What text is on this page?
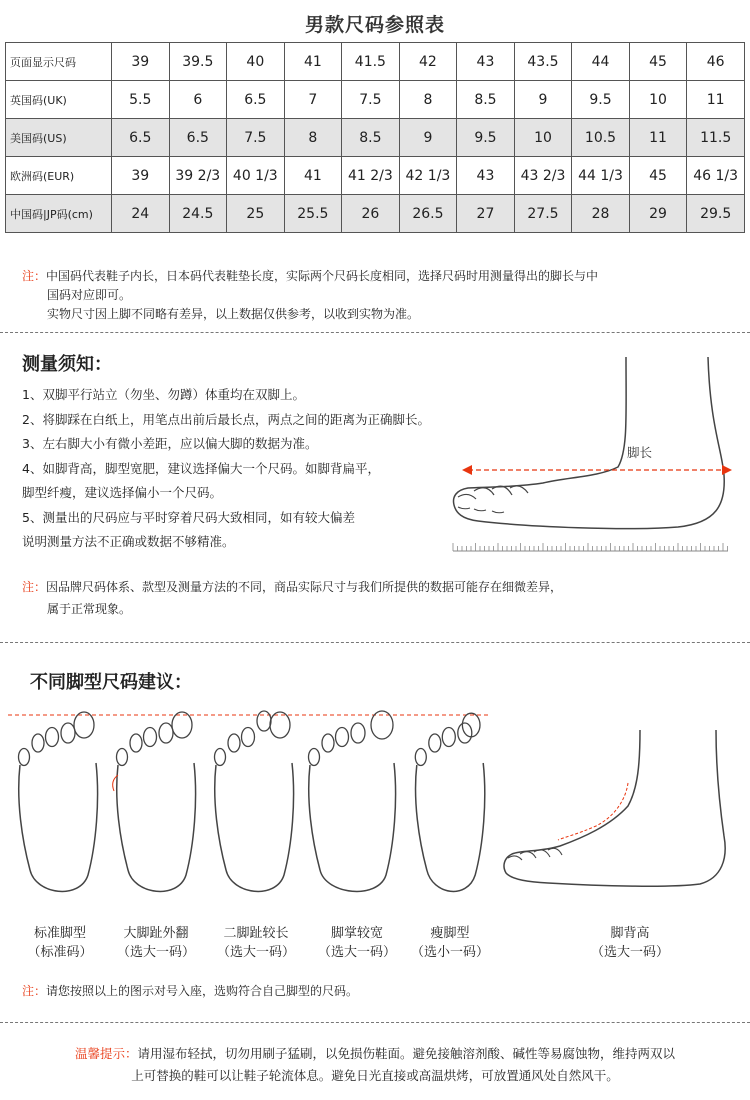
男款尺码参照表
页面显示尺码	39	39.5	40	41	41.5	42	43	43.5	44	45	46
英国码(UK)	5.5	6	6.5	7	7.5	8	8.5	9	9.5	10	11
美国码(US)	6.5	6.5	7.5	8	8.5	9	9.5	10	10.5	11	11.5
欧洲码(EUR)	39	39 2/3	40 1/3	41	41 2/3	42 1/3	43	43 2/3	44 1/3	45	46 1/3
中国码|JP码(cm)	24	24.5	25	25.5	26	26.5	27	27.5	28	29	29.5
注：中国码代表鞋子内长，日本码代表鞋垫长度，实际两个尺码长度相同，选择尺码时用测量得出的脚长与中
国码对应即可。
实物尺寸因上脚不同略有差异，以上数据仅供参考，以收到实物为准。
测量须知：
1、双脚平行站立（勿坐、勿蹲）体重均在双脚上。
2、将脚踩在白纸上，用笔点出前后最长点，两点之间的距离为正确脚长。
3、左右脚大小有微小差距，应以偏大脚的数据为准。
4、如脚背高，脚型宽肥，建议选择偏大一个尺码。如脚背扁平，
脚型纤瘦，建议选择偏小一个尺码。
5、测量出的尺码应与平时穿着尺码大致相同，如有较大偏差
说明测量方法不正确或数据不够精准。
脚长
注：因品牌尺码体系、款型及测量方法的不同，商品实际尺寸与我们所提供的数据可能存在细微差异，
属于正常现象。
不同脚型尺码建议：
标准脚型
（标准码）
大脚趾外翻
（选大一码）
二脚趾较长
（选大一码）
脚掌较宽
（选大一码）
瘦脚型
（选小一码）
脚背高
（选大一码）
注：请您按照以上的图示对号入座，选购符合自己脚型的尺码。
温馨提示：请用湿布轻拭，切勿用刷子猛刷，以免损伤鞋面。避免接触溶剂酸、碱性等易腐蚀物，维持两双以
上可替换的鞋可以让鞋子轮流体息。避免日光直接或高温烘烤，可放置通风处自然风干。
